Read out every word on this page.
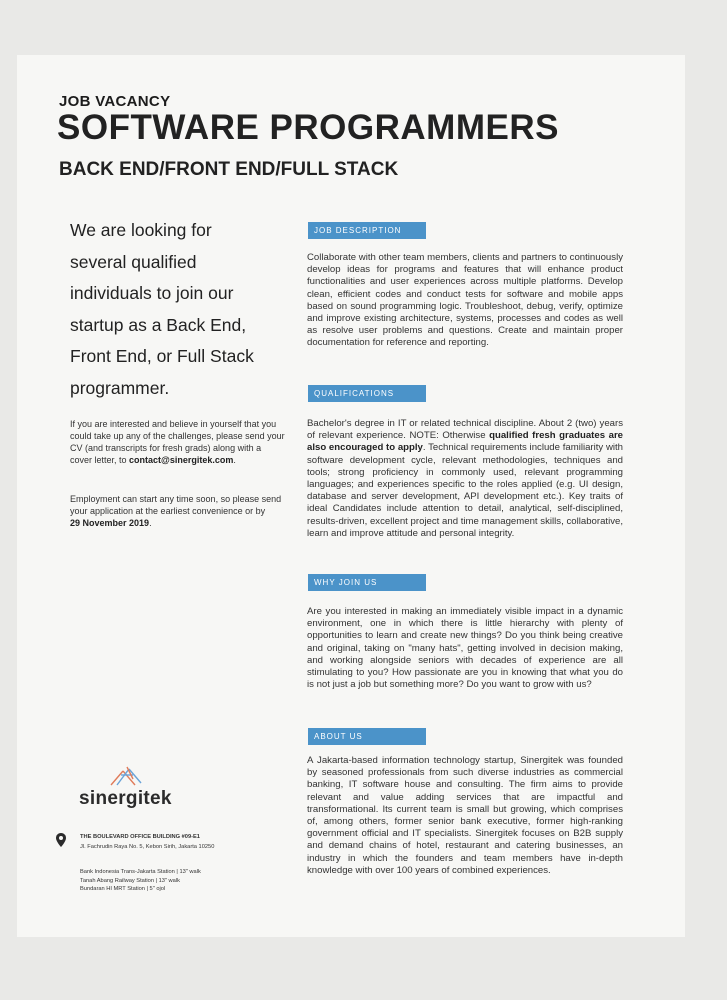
JOB VACANCY
SOFTWARE PROGRAMMERS
BACK END/FRONT END/FULL STACK
We are looking for
several qualified
individuals to join our
startup as a Back End,
Front End, or Full Stack
programmer.
If you are interested and believe in yourself that you could take up any of the challenges, please send your CV (and transcripts for fresh grads) along with a cover letter, to contact@sinergitek.com.
Employment can start any time soon, so please send your application at the earliest convenience or by
29 November 2019.
JOB DESCRIPTION
Collaborate with other team members, clients and partners to continuously develop ideas for programs and features that will enhance product functionalities and user experiences across multiple platforms. Develop clean, efficient codes and conduct tests for software and mobile apps based on sound programming logic. Troubleshoot, debug, verify, optimize and improve existing architecture, systems, processes and codes as well as resolve user problems and questions. Create and maintain proper documentation for reference and reporting.
QUALIFICATIONS
Bachelor's degree in IT or related technical discipline. About 2 (two) years of relevant experience. NOTE: Otherwise qualified fresh graduates are also encouraged to apply. Technical requirements include familiarity with software development cycle, relevant methodologies, techniques and tools; strong proficiency in commonly used, relevant programming languages; and experiences specific to the roles applied (e.g. UI design, database and server development, API development etc.). Key traits of ideal Candidates include attention to detail, analytical, self-disciplined, results-driven, excellent project and time management skills, collaborative, learn and improve attitude and personal integrity.
WHY JOIN US
Are you interested in making an immediately visible impact in a dynamic environment, one in which there is little hierarchy with plenty of opportunities to learn and create new things? Do you think being creative and original, taking on "many hats", getting involved in decision making, and working alongside seniors with decades of experience are all stimulating to you? How passionate are you in knowing that what you do is not just a job but something more? Do you want to grow with us?
ABOUT US
A Jakarta-based information technology startup, Sinergitek was founded by seasoned professionals from such diverse industries as commercial banking, IT software house and consulting. The firm aims to provide relevant and value adding services that are impactful and transformational. Its current team is small but growing, which comprises of, among others, former senior bank executive, former high-ranking government official and IT specialists. Sinergitek focuses on B2B supply and demand chains of hotel, restaurant and catering businesses, an industry in which the founders and team members have in-depth knowledge with over 100 years of combined experiences.
sinergitek
THE BOULEVARD OFFICE BUILDING #09-E1
Jl. Fachrudin Raya No. 5, Kebon Sirih, Jakarta 10250
Bank Indonesia Trans-Jakarta Station | 13" walk
Tanah Abang Railway Station | 13" walk
Bundaran HI MRT Station | 5" ojol
